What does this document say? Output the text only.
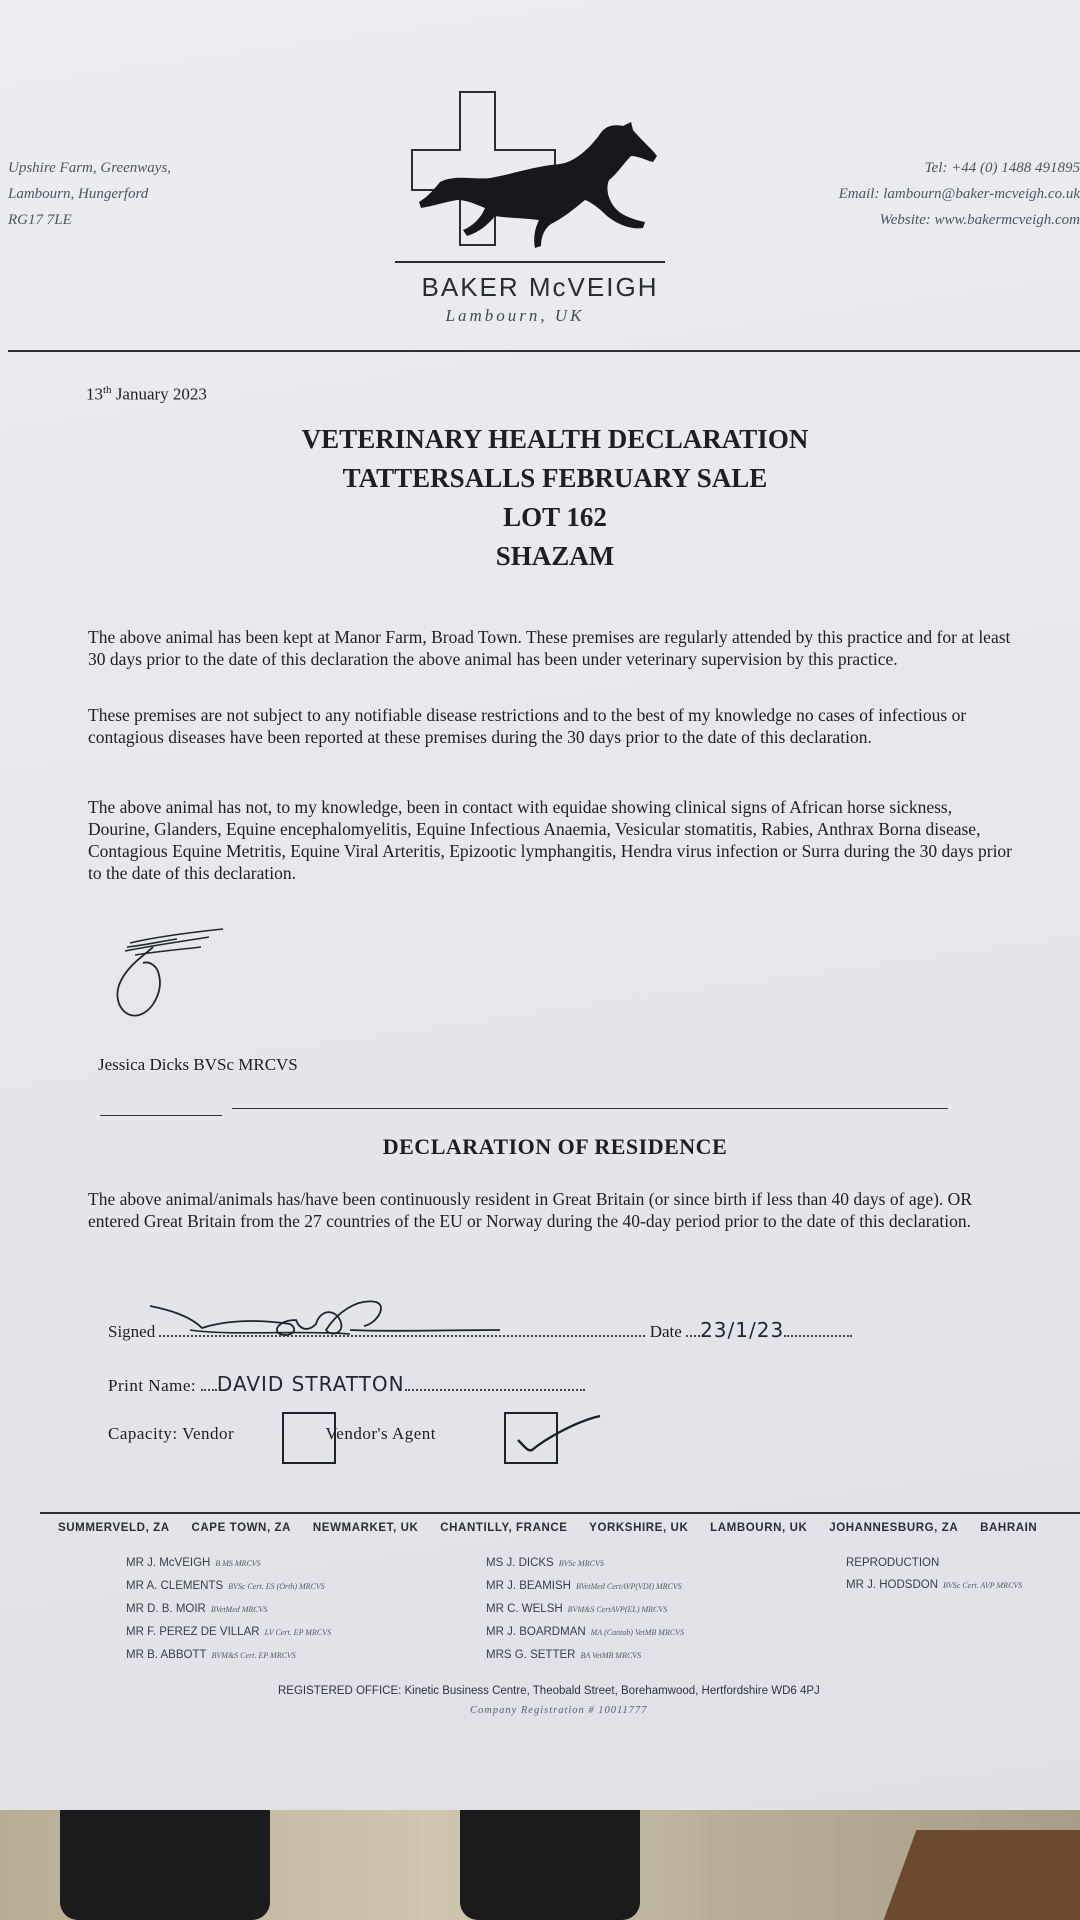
Upshire Farm, Greenways,
Lambourn, Hungerford
RG17 7LE
BAKER McVEIGH
Lambourn, UK
Tel: +44 (0) 1488 491895
Email: lambourn@baker-mcveigh.co.uk
Website: www.bakermcveigh.com
13th January 2023
VETERINARY HEALTH DECLARATION
TATTERSALLS FEBRUARY SALE
LOT 162
SHAZAM
The above animal has been kept at Manor Farm, Broad Town. These premises are regularly attended by this practice and for at least 30 days prior to the date of this declaration the above animal has been under veterinary supervision by this practice.
These premises are not subject to any notifiable disease restrictions and to the best of my knowledge no cases of infectious or contagious diseases have been reported at these premises during the 30 days prior to the date of this declaration.
The above animal has not, to my knowledge, been in contact with equidae showing clinical signs of African horse sickness, Dourine, Glanders, Equine encephalomyelitis, Equine Infectious Anaemia, Vesicular stomatitis, Rabies, Anthrax Borna disease, Contagious Equine Metritis, Equine Viral Arteritis, Epizootic lymphangitis, Hendra virus infection or Surra during the 30 days prior to the date of this declaration.
Jessica Dicks BVSc MRCVS
DECLARATION OF RESIDENCE
The above animal/animals has/have been continuously resident in Great Britain (or since birth if less than 40 days of age). OR entered Great Britain from the 27 countries of the EU or Norway during the 40-day period prior to the date of this declaration.
Signed	Date 23/1/23
Print Name: DAVID STRATTON
Capacity: Vendor	Vendor's Agent
SUMMERVELD, ZA CAPE TOWN, ZA NEWMARKET, UK CHANTILLY, FRANCE YORKSHIRE, UK LAMBOURN, UK JOHANNESBURG, ZA BAHRAIN
MR J. McVEIGH B MS MRCVS
MR A. CLEMENTS BVSc Cert. ES (Orth) MRCVS
MR D. B. MOIR BVetMed MRCVS
MR F. PEREZ DE VILLAR LV Cert. EP MRCVS
MR B. ABBOTT BVM&S Cert. EP MRCVS
MS J. DICKS BVSc MRCVS
MR J. BEAMISH BVetMed CertAVP(VDI) MRCVS
MR C. WELSH BVM&S CertAVP(EL) MRCVS
MR J. BOARDMAN MA (Cantab) VetMB MRCVS
MRS G. SETTER BA VetMB MRCVS
REPRODUCTION
MR J. HODSDON BVSc Cert. AVP MRCVS
REGISTERED OFFICE: Kinetic Business Centre, Theobald Street, Borehamwood, Hertfordshire WD6 4PJ
Company Registration # 10011777
